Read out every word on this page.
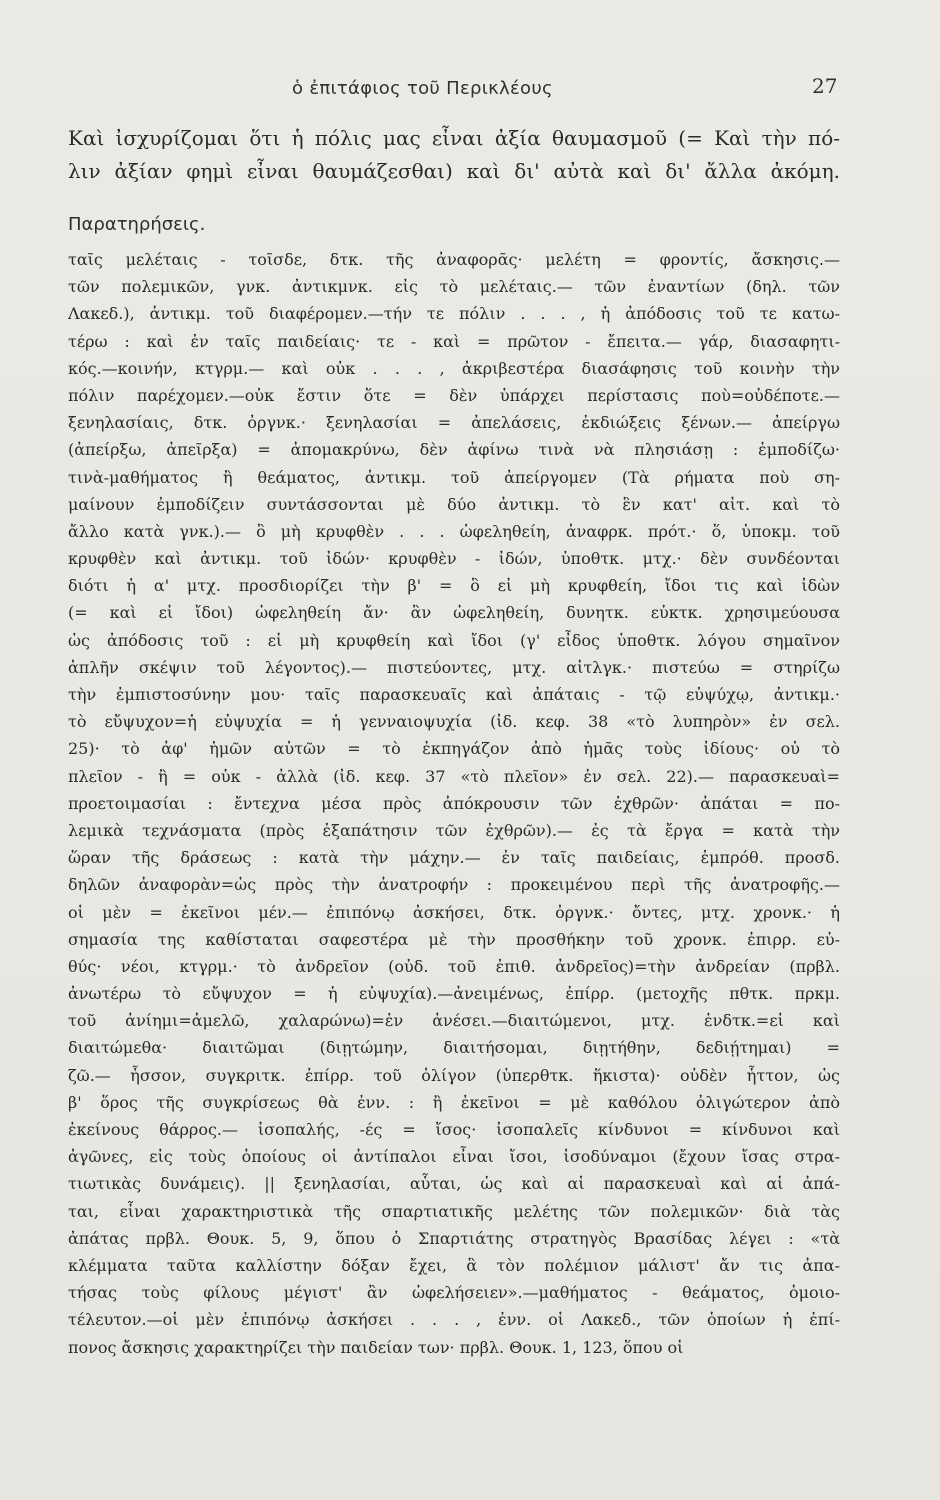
ὁ ἐπιτάφιος τοῦ Περικλέους	27
Καὶ ἰσχυρίζομαι ὅτι ἡ πόλις μας εἶναι ἀξία θαυμασμοῦ (= Καὶ τὴν πό-
λιν ἀξίαν φημὶ εἶναι θαυμάζεσθαι) καὶ δι' αὐτὰ καὶ δι' ἄλλα ἀκόμη.
Παρατηρήσεις.
ταῖς μελέταις - τοῖσδε, δτκ. τῆς ἀναφορᾶς· μελέτη = φροντίς, ἄσκησις.—
τῶν πολεμικῶν, γνκ. ἀντικμνκ. εἰς τὸ μελέταις.— τῶν ἐναντίων (δηλ. τῶν
Λακεδ.), ἀντικμ. τοῦ διαφέρομεν.—τήν τε πόλιν . . . , ἡ ἀπόδοσις τοῦ τε κατω-
τέρω : καὶ ἐν ταῖς παιδείαις· τε - καὶ = πρῶτον - ἔπειτα.— γάρ, διασαφητι-
κός.—κοινήν, κτγρμ.— καὶ οὐκ . . . , ἀκριβεστέρα διασάφησις τοῦ κοινὴν τὴν
πόλιν παρέχομεν.—οὐκ ἔστιν ὅτε = δὲν ὑπάρχει περίστασις ποὺ=οὐδέποτε.—
ξενηλασίαις, δτκ. ὀργνκ.· ξενηλασίαι = ἀπελάσεις, ἐκδιώξεις ξένων.— ἀπείργω
(ἀπείρξω, ἀπεῖρξα) = ἀπομακρύνω, δὲν ἀφίνω τινὰ νὰ πλησιάσῃ : ἐμποδίζω·
τινὰ-μαθήματος ἢ θεάματος, ἀντικμ. τοῦ ἀπείργομεν (Τὰ ρήματα ποὺ ση-
μαίνουν ἐμποδίζειν συντάσσονται μὲ δύο ἀντικμ. τὸ ἓν κατ' αἰτ. καὶ τὸ
ἄλλο κατὰ γνκ.).— ὃ μὴ κρυφθὲν . . . ὠφεληθείη, ἀναφρκ. πρότ.· ὅ, ὑποκμ. τοῦ
κρυφθὲν καὶ ἀντικμ. τοῦ ἰδών· κρυφθὲν - ἰδών, ὑποθτκ. μτχ.· δὲν συνδέονται
διότι ἡ α' μτχ. προσδιορίζει τὴν β' = ὃ εἰ μὴ κρυφθείη, ἴδοι τις καὶ ἰδὼν
(= καὶ εἰ ἴδοι) ὠφεληθείη ἄν· ἂν ὠφεληθείη, δυνητκ. εὐκτκ. χρησιμεύουσα
ὡς ἀπόδοσις τοῦ : εἰ μὴ κρυφθείη καὶ ἴδοι (γ' εἶδος ὑποθτκ. λόγου σημαῖνον
ἁπλῆν σκέψιν τοῦ λέγοντος).— πιστεύοντες, μτχ. αἰτλγκ.· πιστεύω = στηρίζω
τὴν ἐμπιστοσύνην μου· ταῖς παρασκευαῖς καὶ ἀπάταις - τῷ εὐψύχῳ, ἀντικμ.·
τὸ εὔψυχον=ἡ εὐψυχία = ἡ γενναιοψυχία (ἰδ. κεφ. 38 «τὸ λυπηρὸν» ἐν σελ.
25)· τὸ ἀφ' ἡμῶν αὐτῶν = τὸ ἐκπηγάζον ἀπὸ ἡμᾶς τοὺς ἰδίους· οὐ τὸ
πλεῖον - ἢ = οὐκ - ἀλλὰ (ἰδ. κεφ. 37 «τὸ πλεῖον» ἐν σελ. 22).— παρασκευαὶ=
προετοιμασίαι : ἔντεχνα μέσα πρὸς ἀπόκρουσιν τῶν ἐχθρῶν· ἀπάται = πο-
λεμικὰ τεχνάσματα (πρὸς ἐξαπάτησιν τῶν ἐχθρῶν).— ἐς τὰ ἔργα = κατὰ τὴν
ὥραν τῆς δράσεως : κατὰ τὴν μάχην.— ἐν ταῖς παιδείαις, ἐμπρόθ. προσδ.
δηλῶν ἀναφορὰν=ὡς πρὸς τὴν ἀνατροφήν : προκειμένου περὶ τῆς ἀνατροφῆς.—
οἱ μὲν = ἐκεῖνοι μέν.— ἐπιπόνῳ ἀσκήσει, δτκ. ὀργνκ.· ὄντες, μτχ. χρονκ.· ἡ
σημασία της καθίσταται σαφεστέρα μὲ τὴν προσθήκην τοῦ χρονκ. ἐπιρρ. εὐ-
θύς· νέοι, κτγρμ.· τὸ ἀνδρεῖον (οὐδ. τοῦ ἐπιθ. ἀνδρεῖος)=τὴν ἀνδρείαν (πρβλ.
ἀνωτέρω τὸ εὔψυχον = ἡ εὐψυχία).—ἀνειμένως, ἐπίρρ. (μετοχῆς πθτκ. πρκμ.
τοῦ ἀνίημι=ἀμελῶ, χαλαρώνω)=ἐν ἀνέσει.—διαιτώμενοι, μτχ. ἐνδτκ.=εἰ καὶ
διαιτώμεθα· διαιτῶμαι (διῃτώμην, διαιτήσομαι, διῃτήθην, δεδιῄτημαι) =
ζῶ.— ἧσσον, συγκριτκ. ἐπίρρ. τοῦ ὀλίγον (ὑπερθτκ. ἥκιστα)· οὐδὲν ἧττον, ὡς
β' ὅρος τῆς συγκρίσεως θὰ ἐνν. : ἢ ἐκεῖνοι = μὲ καθόλου ὀλιγώτερον ἀπὸ
ἐκείνους θάρρος.— ἰσοπαλής, -ές = ἴσος· ἰσοπαλεῖς κίνδυνοι = κίνδυνοι καὶ
ἀγῶνες, εἰς τοὺς ὁποίους οἱ ἀντίπαλοι εἶναι ἴσοι, ἰσοδύναμοι (ἔχουν ἴσας στρα-
τιωτικὰς δυνάμεις). || ξενηλασίαι, αὗται, ὡς καὶ αἱ παρασκευαὶ καὶ αἱ ἀπά-
ται, εἶναι χαρακτηριστικὰ τῆς σπαρτιατικῆς μελέτης τῶν πολεμικῶν· διὰ τὰς
ἀπάτας πρβλ. Θουκ. 5, 9, ὅπου ὁ Σπαρτιάτης στρατηγὸς Βρασίδας λέγει : «τὰ
κλέμματα ταῦτα καλλίστην δόξαν ἔχει, ἃ τὸν πολέμιον μάλιστ' ἄν τις ἀπα-
τήσας τοὺς φίλους μέγιστ' ἂν ὠφελήσειεν».—μαθήματος - θεάματος, ὁμοιο-
τέλευτον.—οἱ μὲν ἐπιπόνῳ ἀσκήσει . . . , ἐνν. οἱ Λακεδ., τῶν ὁποίων ἡ ἐπί-
πονος ἄσκησις χαρακτηρίζει τὴν παιδείαν των· πρβλ. Θουκ. 1, 123, ὅπου οἱ
